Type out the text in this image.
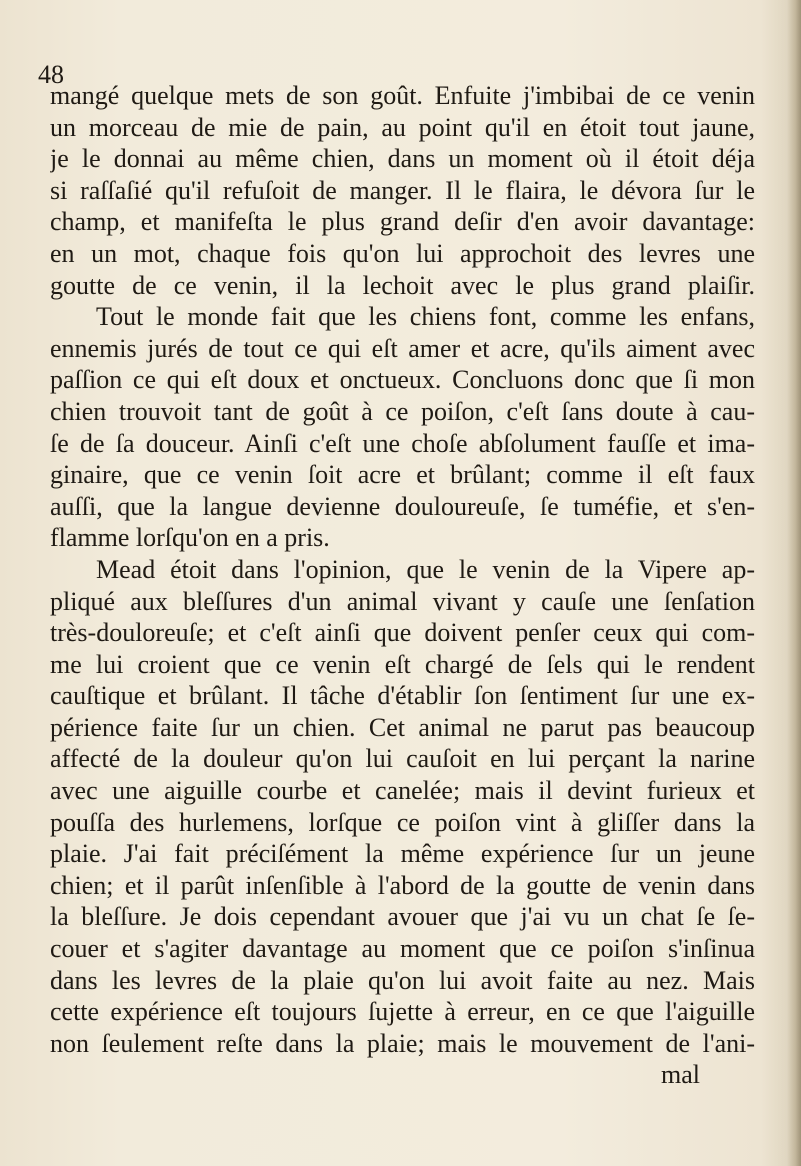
48
mangé quelque mets de son goût. Enfuite j'imbibai de ce venin
un morceau de mie de pain, au point qu'il en étoit tout jaune,
je le donnai au même chien, dans un moment où il étoit déja
si raſſaſié qu'il refuſoit de manger. Il le flaira, le dévora ſur le
champ, et manifeſta le plus grand deſir d'en avoir davantage:
en un mot, chaque fois qu'on lui approchoit des levres une
goutte de ce venin, il la lechoit avec le plus grand plaiſir.
Tout le monde fait que les chiens font, comme les enfans,
ennemis jurés de tout ce qui eſt amer et acre, qu'ils aiment avec
paſſion ce qui eſt doux et onctueux. Concluons donc que ſi mon
chien trouvoit tant de goût à ce poiſon, c'eſt ſans doute à cau-
ſe de ſa douceur. Ainſi c'eſt une choſe abſolument fauſſe et ima-
ginaire, que ce venin ſoit acre et brûlant; comme il eſt faux
auſſi, que la langue devienne douloureuſe, ſe tuméfie, et s'en-
flamme lorſqu'on en a pris.
Mead étoit dans l'opinion, que le venin de la Vipere ap-
pliqué aux bleſſures d'un animal vivant y cauſe une ſenſation
très-douloreuſe; et c'eſt ainſi que doivent penſer ceux qui com-
me lui croient que ce venin eſt chargé de ſels qui le rendent
cauſtique et brûlant. Il tâche d'établir ſon ſentiment ſur une ex-
périence faite ſur un chien. Cet animal ne parut pas beaucoup
affecté de la douleur qu'on lui cauſoit en lui perçant la narine
avec une aiguille courbe et canelée; mais il devint furieux et
pouſſa des hurlemens, lorſque ce poiſon vint à gliſſer dans la
plaie. J'ai fait préciſément la même expérience ſur un jeune
chien; et il parût inſenſible à l'abord de la goutte de venin dans
la bleſſure. Je dois cependant avouer que j'ai vu un chat ſe ſe-
couer et s'agiter davantage au moment que ce poiſon s'inſinua
dans les levres de la plaie qu'on lui avoit faite au nez. Mais
cette expérience eſt toujours ſujette à erreur, en ce que l'aiguille
non ſeulement reſte dans la plaie; mais le mouvement de l'ani-
mal
